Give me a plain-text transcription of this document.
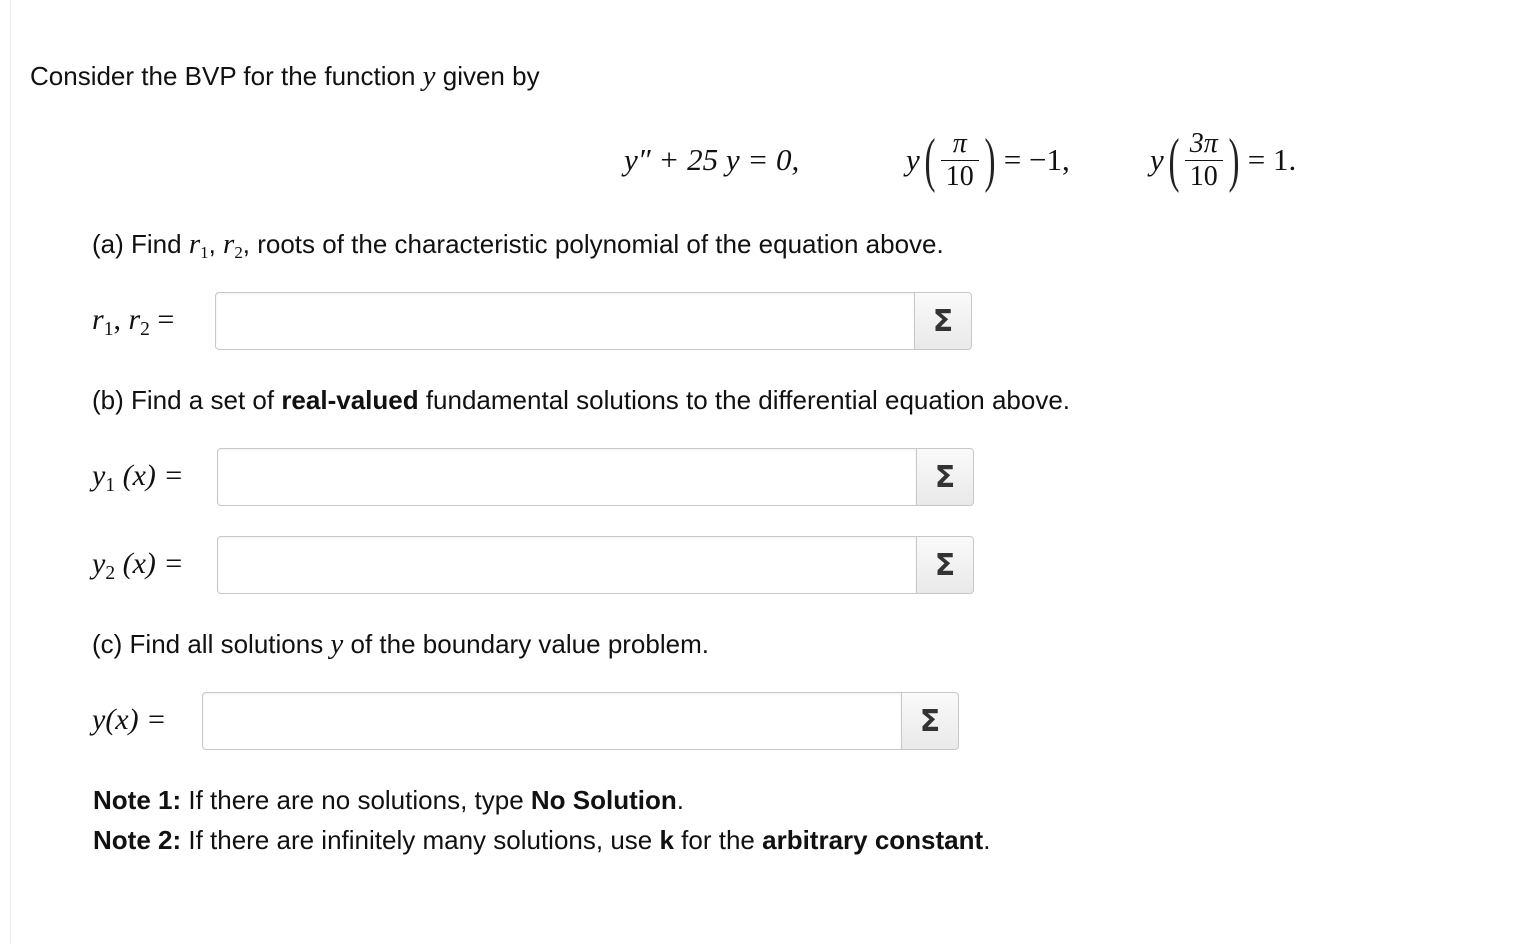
Consider the BVP for the function y given by
y″ + 25 y = 0,	y ( $\frac{\pi}{10}$ ) = −1,	y ( $\frac{3\pi}{10}$ ) = 1.
(a) Find $r_1$, $r_2$, roots of the characteristic polynomial of the equation above.
$r_1$, $r_2$ =	Σ
(b) Find a set of real-valued fundamental solutions to the differential equation above.
$y_1$ (x) =	Σ
$y_2$ (x) =	Σ
(c) Find all solutions y of the boundary value problem.
y(x) =	Σ
Note 1: If there are no solutions, type No Solution.
Note 2: If there are infinitely many solutions, use k for the arbitrary constant.
